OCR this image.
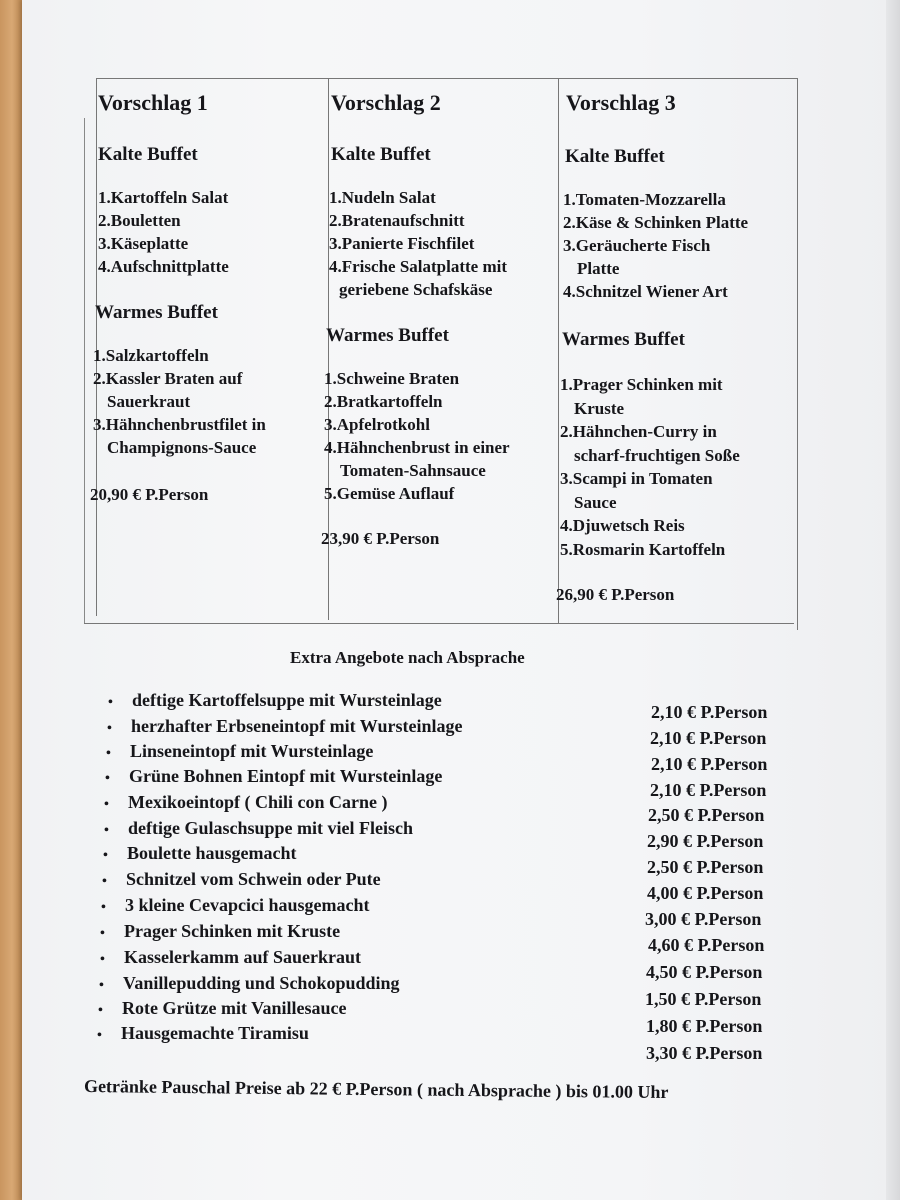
Vorschlag 1
Kalte Buffet
1.Kartoffeln Salat
2.Bouletten
3.Käseplatte
4.Aufschnittplatte
Warmes Buffet
1.Salzkartoffeln
2.Kassler Braten auf
Sauerkraut
3.Hähnchenbrustfilet in
Champignons-Sauce
20,90 € P.Person
Vorschlag 2
Kalte Buffet
1.Nudeln Salat
2.Bratenaufschnitt
3.Panierte Fischfilet
4.Frische Salatplatte mit
geriebene Schafskäse
Warmes Buffet
1.Schweine Braten
2.Bratkartoffeln
3.Apfelrotkohl
4.Hähnchenbrust in einer
Tomaten-Sahnsauce
5.Gemüse Auflauf
23,90 € P.Person
Vorschlag 3
Kalte Buffet
1.Tomaten-Mozzarella
2.Käse & Schinken Platte
3.Geräucherte Fisch
Platte
4.Schnitzel Wiener Art
Warmes Buffet
1.Prager Schinken mit
Kruste
2.Hähnchen-Curry in
scharf-fruchtigen Soße
3.Scampi in Tomaten
Sauce
4.Djuwetsch Reis
5.Rosmarin Kartoffeln
26,90 € P.Person
Extra Angebote nach Absprache
• deftige Kartoffelsuppe mit Wursteinlage
• herzhafter Erbseneintopf mit Wursteinlage
• Linseneintopf mit Wursteinlage
• Grüne Bohnen Eintopf mit Wursteinlage
• Mexikoeintopf ( Chili con Carne )
• deftige Gulaschsuppe mit viel Fleisch
• Boulette hausgemacht
• Schnitzel vom Schwein oder Pute
• 3 kleine Cevapcici hausgemacht
• Prager Schinken mit Kruste
• Kasselerkamm auf Sauerkraut
• Vanillepudding und Schokopudding
• Rote Grütze mit Vanillesauce
• Hausgemachte Tiramisu
2,10 € P.Person
2,10 € P.Person
2,10 € P.Person
2,10 € P.Person
2,50 € P.Person
2,90 € P.Person
2,50 € P.Person
4,00 € P.Person
3,00 € P.Person
4,60 € P.Person
4,50 € P.Person
1,50 € P.Person
1,80 € P.Person
3,30 € P.Person
Getränke Pauschal Preise ab 22 € P.Person ( nach Absprache ) bis 01.00 Uhr
